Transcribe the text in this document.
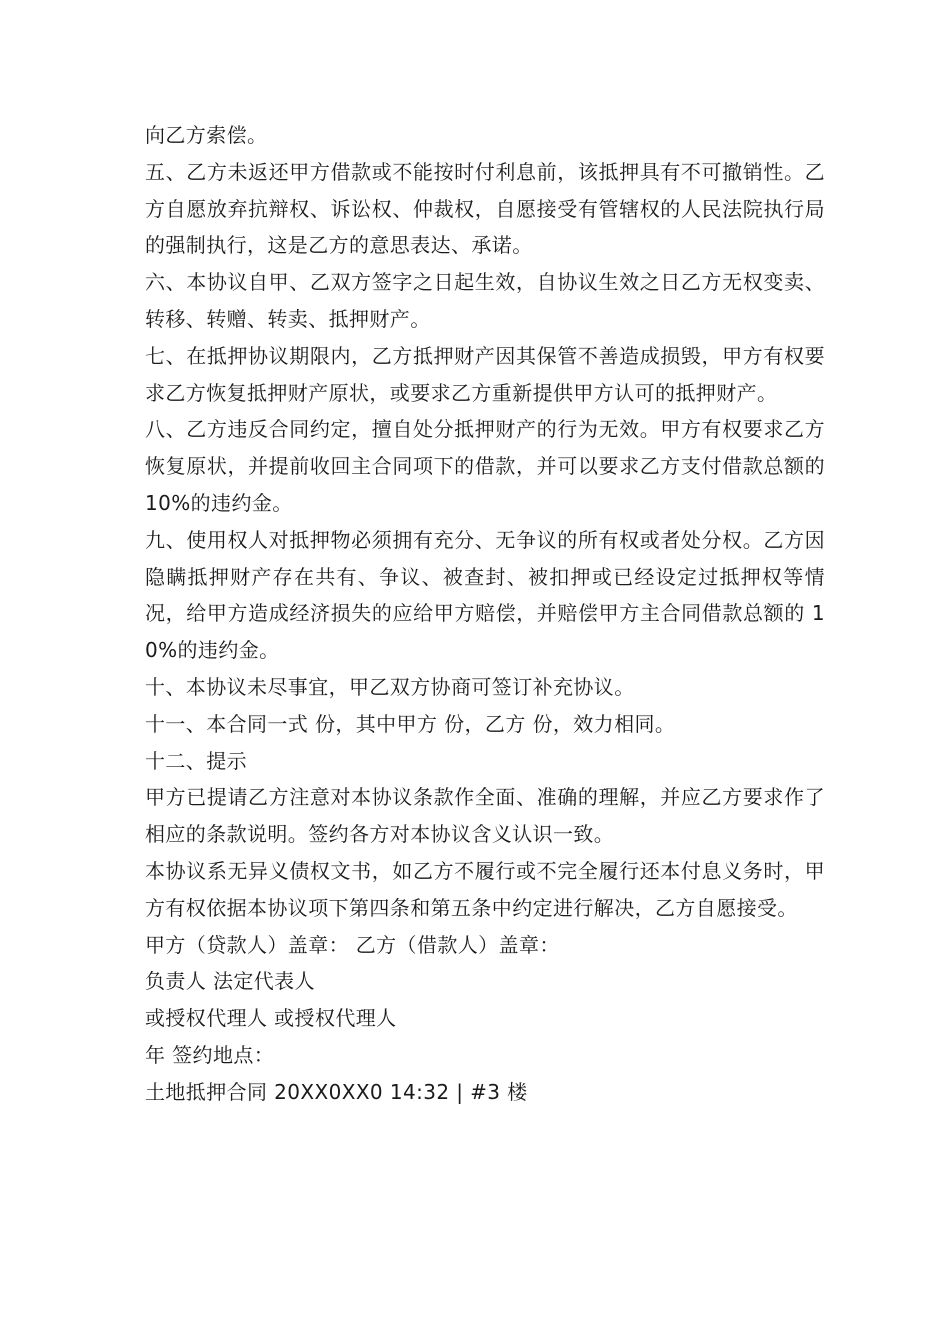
向乙方索偿。

五、乙方未返还甲方借款或不能按时付利息前，该抵押具有不可撤销性。乙方自愿放弃抗辩权、诉讼权、仲裁权，自愿接受有管辖权的人民法院执行局的强制执行，这是乙方的意思表达、承诺。

六、本协议自甲、乙双方签字之日起生效，自协议生效之日乙方无权变卖、转移、转赠、转卖、抵押财产。

七、在抵押协议期限内，乙方抵押财产因其保管不善造成损毁，甲方有权要求乙方恢复抵押财产原状，或要求乙方重新提供甲方认可的抵押财产。

八、乙方违反合同约定，擅自处分抵押财产的行为无效。甲方有权要求乙方恢复原状，并提前收回主合同项下的借款，并可以要求乙方支付借款总额的 10%的违约金。

九、使用权人对抵押物必须拥有充分、无争议的所有权或者处分权。乙方因隐瞒抵押财产存在共有、争议、被查封、被扣押或已经设定过抵押权等情况，给甲方造成经济损失的应给甲方赔偿，并赔偿甲方主合同借款总额的 10%的违约金。

十、本协议未尽事宜，甲乙双方协商可签订补充协议。

十一、本合同一式 份，其中甲方 份，乙方 份，效力相同。

十二、提示

甲方已提请乙方注意对本协议条款作全面、准确的理解，并应乙方要求作了相应的条款说明。签约各方对本协议含义认识一致。

本协议系无异义债权文书，如乙方不履行或不完全履行还本付息义务时，甲方有权依据本协议项下第四条和第五条中约定进行解决，乙方自愿接受。

甲方（贷款人）盖章： 乙方（借款人）盖章：

负责人 法定代表人

或授权代理人 或授权代理人

年 签约地点：

土地抵押合同 20XX0XX0 14:32 | #3 楼
